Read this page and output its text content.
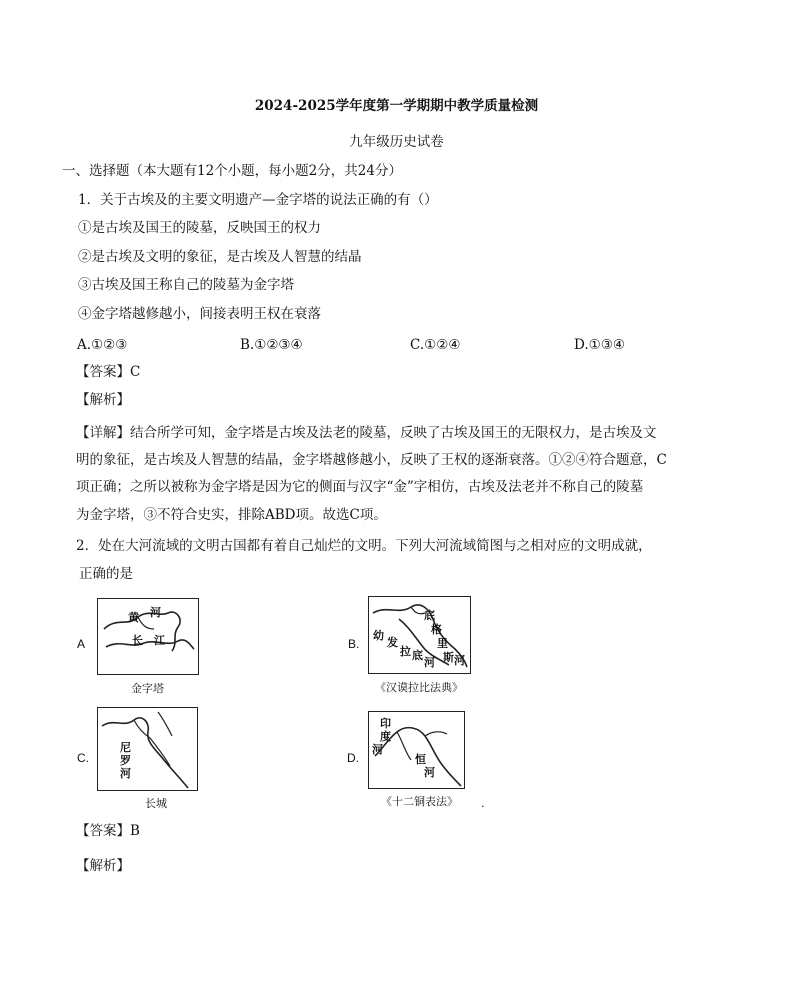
2024-2025学年度第一学期期中教学质量检测
九年级历史试卷
一、选择题（本大题有12个小题，每小题2分，共24分）
1．关于古埃及的主要文明遗产—金字塔的说法正确的有（）
①是古埃及国王的陵墓，反映国王的权力
②是古埃及文明的象征，是古埃及人智慧的结晶
③古埃及国王称自己的陵墓为金字塔
④金字塔越修越小，间接表明王权在衰落
A.①②③	B.①②③④	C.①②④	D.①③④
【答案】C
【解析】
【详解】结合所学可知，金字塔是古埃及法老的陵墓，反映了古埃及国王的无限权力，是古埃及文
明的象征，是古埃及人智慧的结晶，金字塔越修越小，反映了王权的逐渐衰落。①②④符合题意，C
项正确；之所以被称为金字塔是因为它的侧面与汉字“金”字相仿，古埃及法老并不称自己的陵墓
为金字塔，③不符合史实，排除ABD项。故选C项。
2．处在大河流域的文明古国都有着自己灿烂的文明。下列大河流域简图与之相对应的文明成就，
正确的是
A
黄 河
长 江
金字塔
B.
底
格
里
斯 河
幼
发
拉 底
河
《汉谟拉比法典》
C.
尼
罗
河
长城
D.
印
度
河
恒
河
《十二铜表法》 .
【答案】B
【解析】
